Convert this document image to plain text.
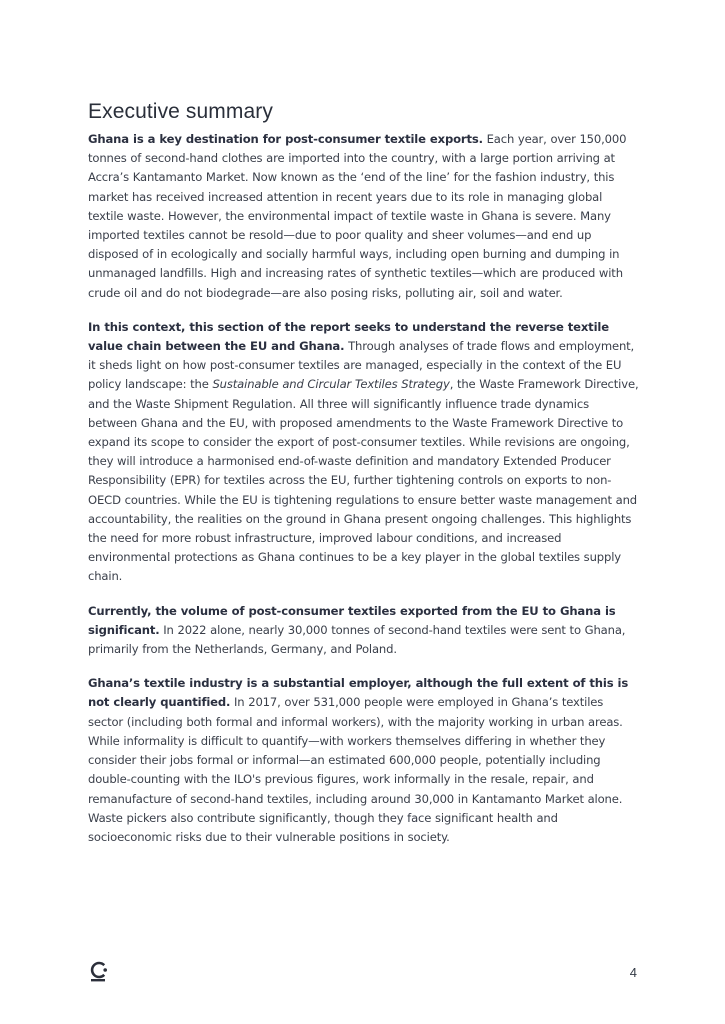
Executive summary

Ghana is a key destination for post-consumer textile exports. Each year, over 150,000 tonnes of second-hand clothes are imported into the country, with a large portion arriving at Accra’s Kantamanto Market. Now known as the ‘end of the line’ for the fashion industry, this market has received increased attention in recent years due to its role in managing global textile waste. However, the environmental impact of textile waste in Ghana is severe. Many imported textiles cannot be resold—due to poor quality and sheer volumes—and end up disposed of in ecologically and socially harmful ways, including open burning and dumping in unmanaged landfills. High and increasing rates of synthetic textiles—which are produced with crude oil and do not biodegrade—are also posing risks, polluting air, soil and water.

In this context, this section of the report seeks to understand the reverse textile value chain between the EU and Ghana. Through analyses of trade flows and employment, it sheds light on how post-consumer textiles are managed, especially in the context of the EU policy landscape: the Sustainable and Circular Textiles Strategy, the Waste Framework Directive, and the Waste Shipment Regulation. All three will significantly influence trade dynamics between Ghana and the EU, with proposed amendments to the Waste Framework Directive to expand its scope to consider the export of post-consumer textiles. While revisions are ongoing, they will introduce a harmonised end-of-waste definition and mandatory Extended Producer Responsibility (EPR) for textiles across the EU, further tightening controls on exports to non-OECD countries. While the EU is tightening regulations to ensure better waste management and accountability, the realities on the ground in Ghana present ongoing challenges. This highlights the need for more robust infrastructure, improved labour conditions, and increased environmental protections as Ghana continues to be a key player in the global textiles supply chain.

Currently, the volume of post-consumer textiles exported from the EU to Ghana is significant. In 2022 alone, nearly 30,000 tonnes of second-hand textiles were sent to Ghana, primarily from the Netherlands, Germany, and Poland.

Ghana’s textile industry is a substantial employer, although the full extent of this is not clearly quantified. In 2017, over 531,000 people were employed in Ghana’s textiles sector (including both formal and informal workers), with the majority working in urban areas. While informality is difficult to quantify—with workers themselves differing in whether they consider their jobs formal or informal—an estimated 600,000 people, potentially including double-counting with the ILO's previous figures, work informally in the resale, repair, and remanufacture of second-hand textiles, including around 30,000 in Kantamanto Market alone. Waste pickers also contribute significantly, though they face significant health and socioeconomic risks due to their vulnerable positions in society.

4
